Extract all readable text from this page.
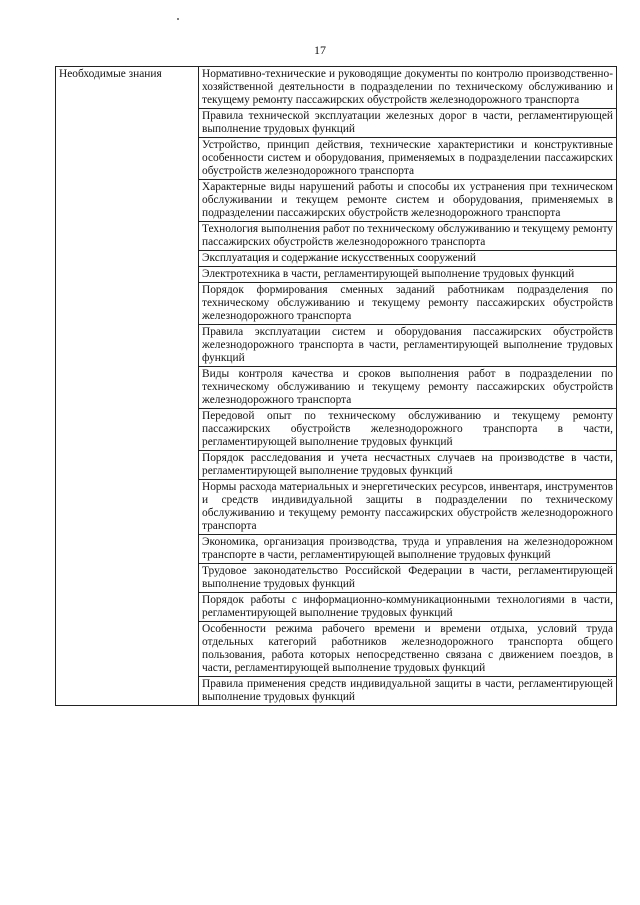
17
Необходимые знания	Нормативно-технические и руководящие документы по контролю производственно-хозяйственной деятельности в подразделении по техническому обслуживанию и текущему ремонту пассажирских обустройств железнодорожного транспорта
Правила технической эксплуатации железных дорог в части, регламентирующей выполнение трудовых функций
Устройство, принцип действия, технические характеристики и конструктивные особенности систем и оборудования, применяемых в подразделении пассажирских обустройств железнодорожного транспорта
Характерные виды нарушений работы и способы их устранения при техническом обслуживании и текущем ремонте систем и оборудования, применяемых в подразделении пассажирских обустройств железнодорожного транспорта
Технология выполнения работ по техническому обслуживанию и текущему ремонту пассажирских обустройств железнодорожного транспорта
Эксплуатация и содержание искусственных сооружений
Электротехника в части, регламентирующей выполнение трудовых функций
Порядок формирования сменных заданий работникам подразделения по техническому обслуживанию и текущему ремонту пассажирских обустройств железнодорожного транспорта
Правила эксплуатации систем и оборудования пассажирских обустройств железнодорожного транспорта в части, регламентирующей выполнение трудовых функций
Виды контроля качества и сроков выполнения работ в подразделении по техническому обслуживанию и текущему ремонту пассажирских обустройств железнодорожного транспорта
Передовой опыт по техническому обслуживанию и текущему ремонту пассажирских обустройств железнодорожного транспорта в части, регламентирующей выполнение трудовых функций
Порядок расследования и учета несчастных случаев на производстве в части, регламентирующей выполнение трудовых функций
Нормы расхода материальных и энергетических ресурсов, инвентаря, инструментов и средств индивидуальной защиты в подразделении по техническому обслуживанию и текущему ремонту пассажирских обустройств железнодорожного транспорта
Экономика, организация производства, труда и управления на железнодорожном транспорте в части, регламентирующей выполнение трудовых функций
Трудовое законодательство Российской Федерации в части, регламентирующей выполнение трудовых функций
Порядок работы с информационно-коммуникационными технологиями в части, регламентирующей выполнение трудовых функций
Особенности режима рабочего времени и времени отдыха, условий труда отдельных категорий работников железнодорожного транспорта общего пользования, работа которых непосредственно связана с движением поездов, в части, регламентирующей выполнение трудовых функций
Правила применения средств индивидуальной защиты в части, регламентирующей выполнение трудовых функций
